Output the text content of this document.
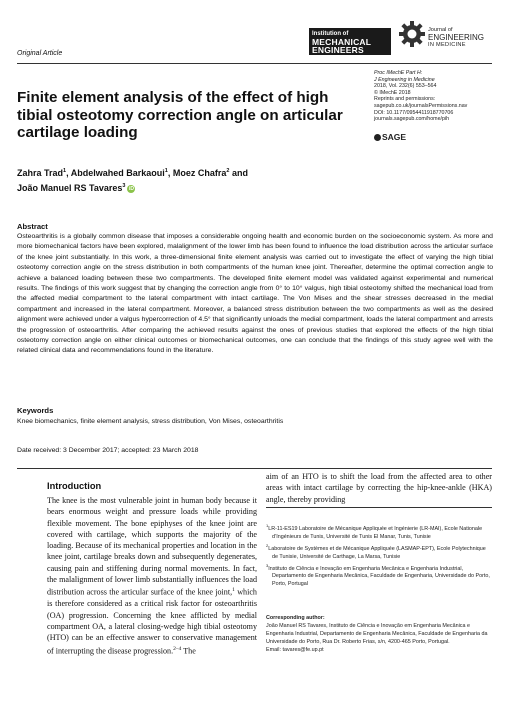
Original Article
Institution of
MECHANICAL
ENGINEERS
Journal of
ENGINEERING
IN MEDICINE
Proc IMechE Part H:
J Engineering in Medicine
2018, Vol. 232(6) 553–564
© IMechE 2018
Reprints and permissions:
sagepub.co.uk/journalsPermissions.nav
DOI: 10.1177/0954411918770706
journals.sagepub.com/home/pih
SAGE
Finite element analysis of the effect of high tibial osteotomy correction angle on articular cartilage loading
Zahra Trad$^1$, Abdelwahed Barkaoui$^1$, Moez Chafra$^2$ and
João Manuel RS Tavares$^3$ iD
Abstract
Osteoarthritis is a globally common disease that imposes a considerable ongoing health and economic burden on the socioeconomic system. As more and more biomechanical factors have been explored, malalignment of the lower limb has been found to influence the load distribution across the articular surface of the knee joint substantially. In this work, a three-dimensional finite element analysis was carried out to investigate the effect of varying the high tibial osteotomy correction angle on the stress distribution in both compartments of the human knee joint. Thereafter, determine the optimal correction angle to achieve a balanced loading between these two compartments. The developed finite element model was validated against experimental and numerical results. The findings of this work suggest that by changing the correction angle from 0° to 10° valgus, high tibial osteotomy shifted the mechanical load from the affected medial compartment to the lateral compartment with intact cartilage. The Von Mises and the shear stresses decreased in the medial compartment and increased in the lateral compartment. Moreover, a balanced stress distribution between the two compartments as well as the desired alignment were achieved under a valgus hypercorrection of 4.5° that significantly unloads the medial compartment, loads the lateral compartment and arrests the progression of osteoarthritis. After comparing the achieved results against the ones of previous studies that explored the effects of the high tibial osteotomy correction angle on either clinical outcomes or biomechanical outcomes, one can conclude that the findings of this study agree well with the related clinical data and recommendations found in the literature.
Keywords
Knee biomechanics, finite element analysis, stress distribution, Von Mises, osteoarthritis
Date received: 3 December 2017; accepted: 23 March 2018
Introduction
The knee is the most vulnerable joint in human body because it bears enormous weight and pressure loads while providing flexible movement. The bone epiphyses of the knee joint are covered with cartilage, which supports the majority of the loading. Because of its mechanical properties and location in the knee joint, cartilage breaks down and subsequently degenerates, causing pain and stiffening during normal movements. In fact, the malalignment of lower limb substantially influences the load distribution across the articular surface of the knee joint,$^1$ which is therefore considered as a critical risk factor for osteoarthritis (OA) progression. Concerning the knee afflicted by medial compartment OA, a lateral closing-wedge high tibial osteotomy (HTO) can be an effective answer to conservative management of interrupting the disease progression.$^{2-4}$ The
aim of an HTO is to shift the load from the affected area to other areas with intact cartilage by correcting the hip-knee-ankle (HKA) angle, thereby providing
$^1$LR-11-ES19 Laboratoire de Mécanique Appliquée et Ingénierie (LR-MAI), Ecole Nationale d’Ingénieurs de Tunis, Université de Tunis El Manar, Tunis, Tunisie
$^2$Laboratoire de Systèmes et de Mécanique Appliquée (LASMAP-EPT), Ecole Polytechnique de Tunisie, Université de Carthage, La Marsa, Tunisie
$^3$Instituto de Ciência e Inovação em Engenharia Mecânica e Engenharia Industrial, Departamento de Engenharia Mecânica, Faculdade de Engenharia, Universidade do Porto, Porto, Portugal
Corresponding author:
João Manuel RS Tavares, Instituto de Ciência e Inovação em Engenharia Mecânica e Engenharia Industrial, Departamento de Engenharia Mecânica, Faculdade de Engenharia da Universidade do Porto, Rua Dr. Roberto Frias, s/n, 4200-465 Porto, Portugal.
Email: tavares@fe.up.pt
